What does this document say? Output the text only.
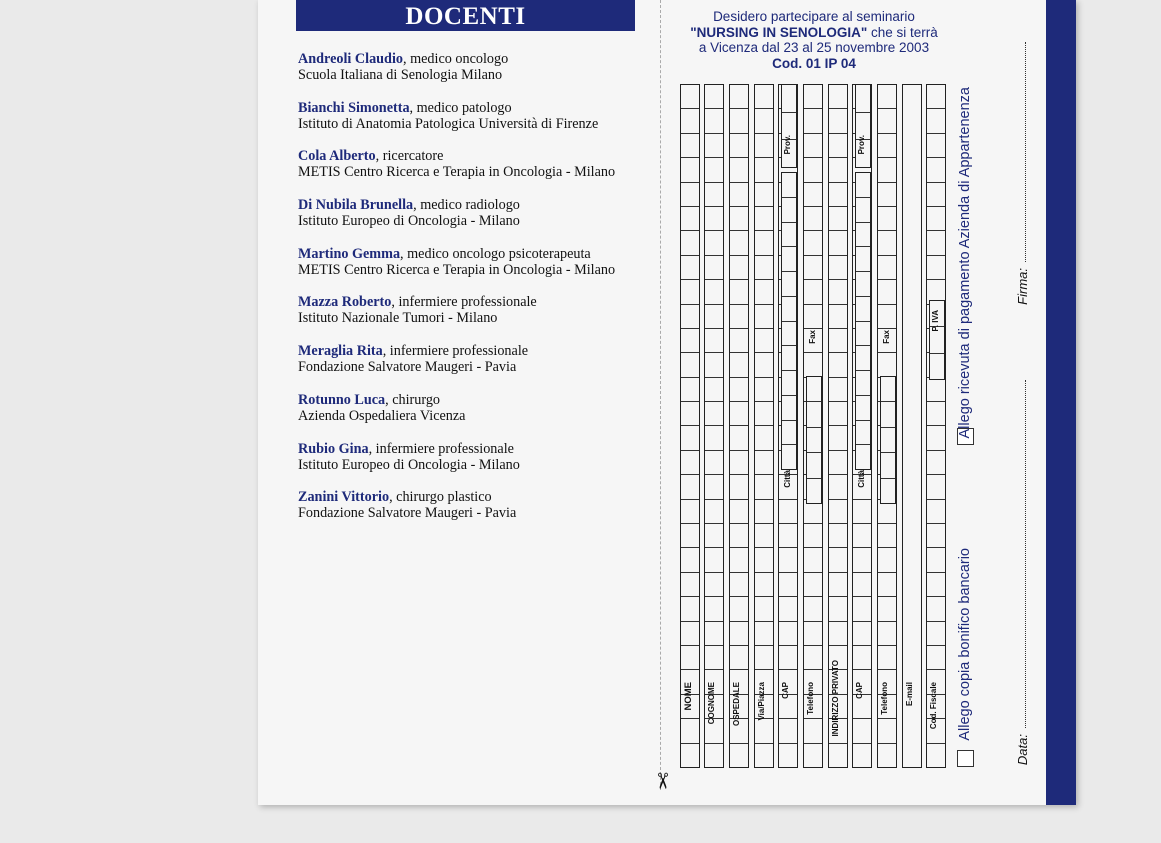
DOCENTI
Andreoli Claudio, medico oncologo
Scuola Italiana di Senologia Milano
Bianchi Simonetta, medico patologo
Istituto di Anatomia Patologica Università di Firenze
Cola Alberto, ricercatore
METIS Centro Ricerca e Terapia in Oncologia - Milano
Di Nubila Brunella, medico radiologo
Istituto Europeo di Oncologia - Milano
Martino Gemma, medico oncologo psicoterapeuta
METIS Centro Ricerca e Terapia in Oncologia - Milano
Mazza Roberto, infermiere professionale
Istituto Nazionale Tumori - Milano
Meraglia Rita, infermiere professionale
Fondazione Salvatore Maugeri - Pavia
Rotunno Luca, chirurgo
Azienda Ospedaliera Vicenza
Rubio Gina, infermiere professionale
Istituto Europeo di Oncologia - Milano
Zanini Vittorio, chirurgo plastico
Fondazione Salvatore Maugeri - Pavia
✂
Desidero partecipare al seminario
"NURSING IN SENOLOGIA" che si terrà
a Vicenza dal 23 al 25 novembre 2003
Cod. 01 IP 04
NOME	COGNOME	OSPEDALE	Via/Piazza	CAP
Città
Prov.
Telefono
Fax
INDIRIZZO PRIVATO	CAP
Città
Prov.
Telefono
Fax
E-mail	Cod. Fiscale
P. IVA
Allego copia bonifico bancario
Allego ricevuta di pagamento Azienda di Appartenenza
Data:
Firma:
